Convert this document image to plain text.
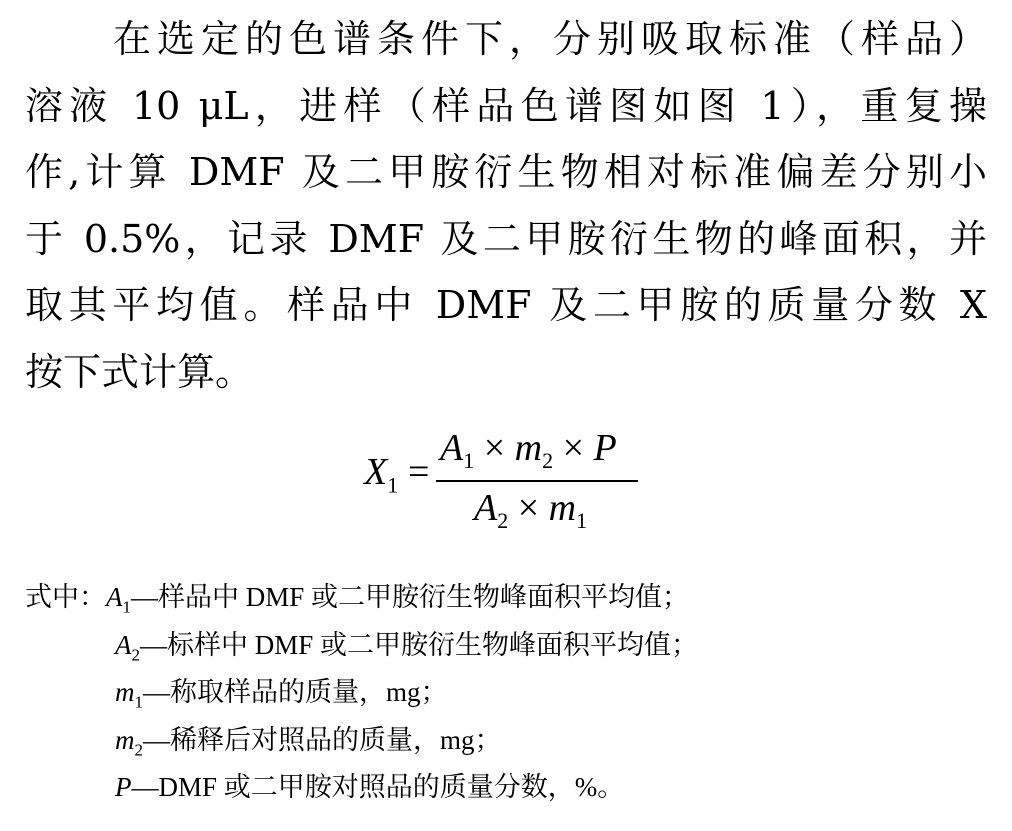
在选定的色谱条件下，分别吸取标准（样品）
溶液 10 μL，进样（样品色谱图如图 1），重复操
作,计算 DMF 及二甲胺衍生物相对标准偏差分别小
于 0.5%，记录 DMF 及二甲胺衍生物的峰面积，并
取其平均值。样品中 DMF 及二甲胺的质量分数 X
按下式计算。
$X_1$ =
$A_1 \times m_2 \times P$
$A_2 \times m_1$
式中：$A_1—$样品中 DMF 或二甲胺衍生物峰面积平均值；
$A_2—$标样中 DMF 或二甲胺衍生物峰面积平均值；
$m_1—$称取样品的质量，mg；
$m_2—$稀释后对照品的质量，mg；
P—DMF 或二甲胺对照品的质量分数，%。
